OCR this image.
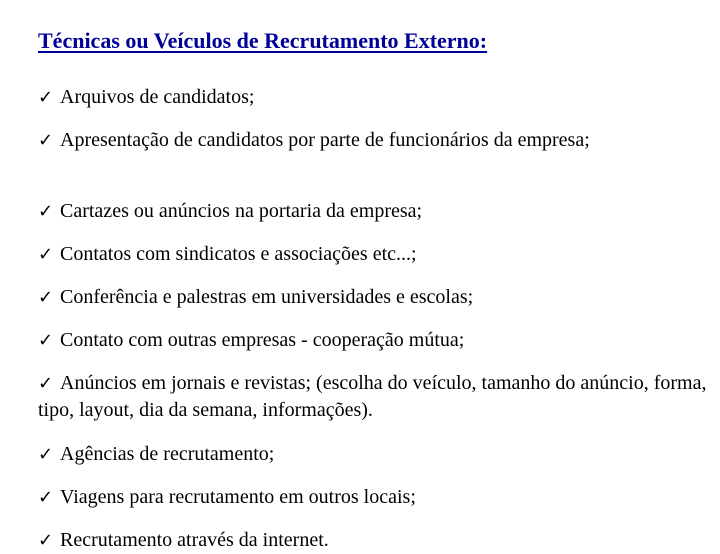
Técnicas ou Veículos de Recrutamento Externo:
✓ Arquivos de candidatos;
✓ Apresentação de candidatos por parte de funcionários da empresa;
✓ Cartazes ou anúncios na portaria da empresa;
✓ Contatos com sindicatos e associações etc...;
✓ Conferência e palestras em universidades e escolas;
✓ Contato com outras empresas - cooperação mútua;
✓ Anúncios em jornais e revistas; (escolha do veículo, tamanho do anúncio, forma, tipo, layout, dia da semana, informações).
✓ Agências de recrutamento;
✓ Viagens para recrutamento em outros locais;
✓ Recrutamento através da internet.
